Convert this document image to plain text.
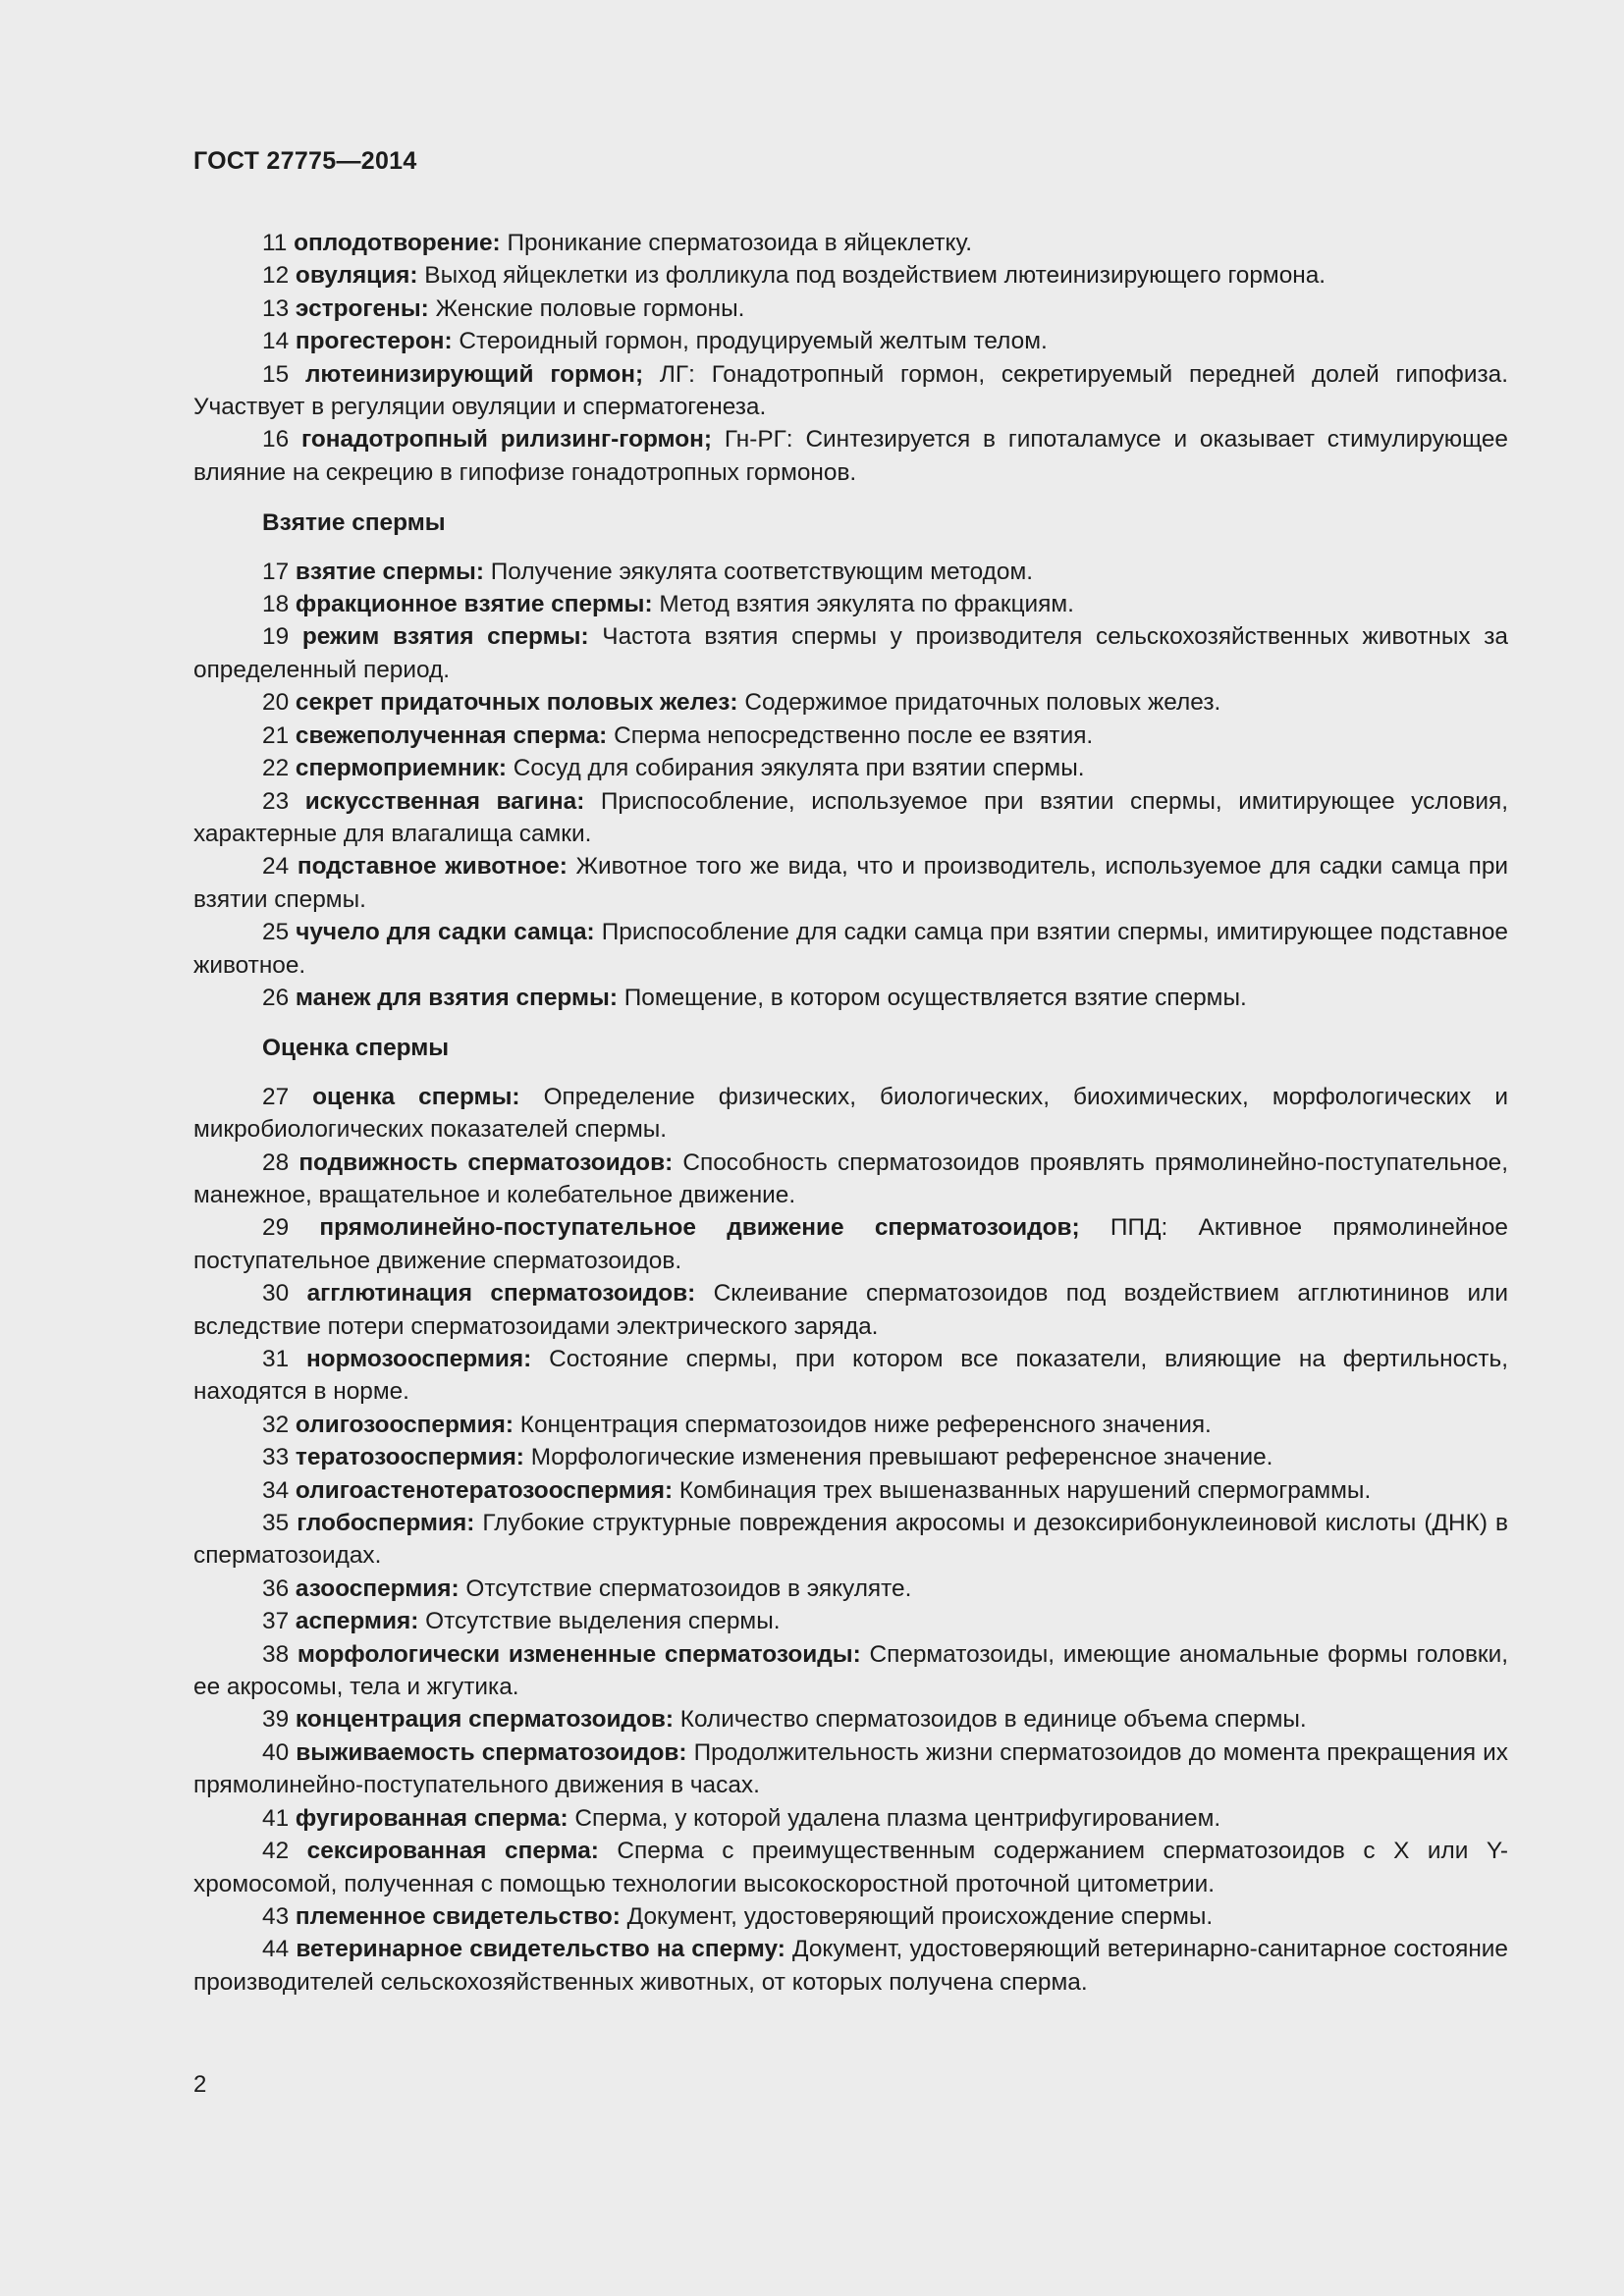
ГОСТ 27775—2014

11 оплодотворение: Проникание сперматозоида в яйцеклетку.

12 овуляция: Выход яйцеклетки из фолликула под воздействием лютеинизирующего гормона.

13 эстрогены: Женские половые гормоны.

14 прогестерон: Стероидный гормон, продуцируемый желтым телом.

15 лютеинизирующий гормон; ЛГ: Гонадотропный гормон, секретируемый передней долей гипофиза. Участвует в регуляции овуляции и сперматогенеза.

16 гонадотропный рилизинг-гормон; Гн-РГ: Синтезируется в гипоталамусе и оказывает стимулирующее влияние на секрецию в гипофизе гонадотропных гормонов.

Взятие спермы

17 взятие спермы: Получение эякулята соответствующим методом.

18 фракционное взятие спермы: Метод взятия эякулята по фракциям.

19 режим взятия спермы: Частота взятия спермы у производителя сельскохозяйственных животных за определенный период.

20 секрет придаточных половых желез: Содержимое придаточных половых желез.

21 свежеполученная сперма: Сперма непосредственно после ее взятия.

22 спермоприемник: Сосуд для собирания эякулята при взятии спермы.

23 искусственная вагина: Приспособление, используемое при взятии спермы, имитирующее условия, характерные для влагалища самки.

24 подставное животное: Животное того же вида, что и производитель, используемое для садки самца при взятии спермы.

25 чучело для садки самца: Приспособление для садки самца при взятии спермы, имитирующее подставное животное.

26 манеж для взятия спермы: Помещение, в котором осуществляется взятие спермы.

Оценка спермы

27 оценка спермы: Определение физических, биологических, биохимических, морфологических и микробиологических показателей спермы.

28 подвижность сперматозоидов: Способность сперматозоидов проявлять прямолинейно-поступательное, манежное, вращательное и колебательное движение.

29 прямолинейно-поступательное движение сперматозоидов; ППД: Активное прямолинейное поступательное движение сперматозоидов.

30 агглютинация сперматозоидов: Склеивание сперматозоидов под воздействием агглютининов или вследствие потери сперматозоидами электрического заряда.

31 нормозооспермия: Состояние спермы, при котором все показатели, влияющие на фертильность, находятся в норме.

32 олигозооспермия: Концентрация сперматозоидов ниже референсного значения.

33 тератозооспермия: Морфологические изменения превышают референсное значение.

34 олигоастенотератозооспермия: Комбинация трех вышеназванных нарушений спермограммы.

35 глобоспермия: Глубокие структурные повреждения акросомы и дезоксирибонуклеиновой кислоты (ДНК) в сперматозоидах.

36 азооспермия: Отсутствие сперматозоидов в эякуляте.

37 аспермия: Отсутствие выделения спермы.

38 морфологически измененные сперматозоиды: Сперматозоиды, имеющие аномальные формы головки, ее акросомы, тела и жгутика.

39 концентрация сперматозоидов: Количество сперматозоидов в единице объема спермы.

40 выживаемость сперматозоидов: Продолжительность жизни сперматозоидов до момента прекращения их прямолинейно-поступательного движения в часах.

41 фугированная сперма: Сперма, у которой удалена плазма центрифугированием.

42 сексированная сперма: Сперма с преимущественным содержанием сперматозоидов с X или Y-хромосомой, полученная с помощью технологии высокоскоростной проточной цитометрии.

43 племенное свидетельство: Документ, удостоверяющий происхождение спермы.

44 ветеринарное свидетельство на сперму: Документ, удостоверяющий ветеринарно-санитарное состояние производителей сельскохозяйственных животных, от которых получена сперма.

2
